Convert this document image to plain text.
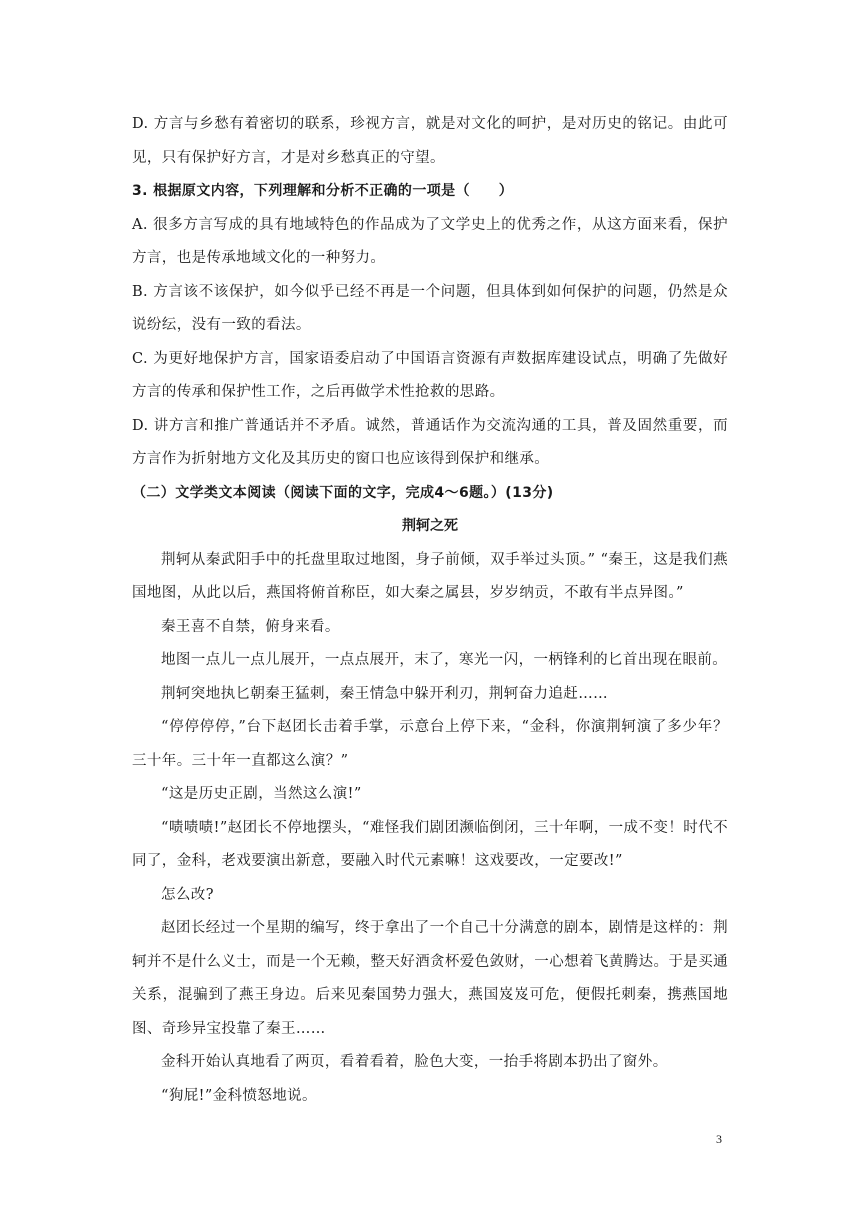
D. 方言与乡愁有着密切的联系，珍视方言，就是对文化的呵护，是对历史的铭记。由此可见，只有保护好方言，才是对乡愁真正的守望。

3. 根据原文内容，下列理解和分析不正确的一项是（　　）

A. 很多方言写成的具有地域特色的作品成为了文学史上的优秀之作，从这方面来看，保护方言，也是传承地域文化的一种努力。

B. 方言该不该保护，如今似乎已经不再是一个问题，但具体到如何保护的问题，仍然是众说纷纭，没有一致的看法。

C. 为更好地保护方言，国家语委启动了中国语言资源有声数据库建设试点，明确了先做好方言的传承和保护性工作，之后再做学术性抢救的思路。

D. 讲方言和推广普通话并不矛盾。诚然，普通话作为交流沟通的工具，普及固然重要，而方言作为折射地方文化及其历史的窗口也应该得到保护和继承。

（二）文学类文本阅读（阅读下面的文字，完成4～6题。）(13分)

荆轲之死

荆轲从秦武阳手中的托盘里取过地图，身子前倾，双手举过头顶。” “秦王，这是我们燕国地图，从此以后，燕国将俯首称臣，如大秦之属县，岁岁纳贡，不敢有半点异图。”

秦王喜不自禁，俯身来看。

地图一点儿一点儿展开，一点点展开，末了，寒光一闪，一柄锋利的匕首出现在眼前。

荆轲突地执匕朝秦王猛刺，秦王情急中躲开利刃，荆轲奋力追赶……

“停停停停，”台下赵团长击着手掌，示意台上停下来，“金科，你演荆轲演了多少年？三十年。三十年一直都这么演？”

“这是历史正剧，当然这么演!”

“啧啧啧!”赵团长不停地摆头，“难怪我们剧团濒临倒闭，三十年啊，一成不变！时代不同了，金科，老戏要演出新意，要融入时代元素嘛！这戏要改，一定要改!”

怎么改?

赵团长经过一个星期的编写，终于拿出了一个自己十分满意的剧本，剧情是这样的：荆轲并不是什么义士，而是一个无赖，整天好酒贪杯爱色敛财，一心想着飞黄腾达。于是买通关系，混骗到了燕王身边。后来见秦国势力强大，燕国岌岌可危，便假托刺秦，携燕国地图、奇珍异宝投靠了秦王……

金科开始认真地看了两页，看着看着，脸色大变，一抬手将剧本扔出了窗外。

“狗屁!”金科愤怒地说。

3
